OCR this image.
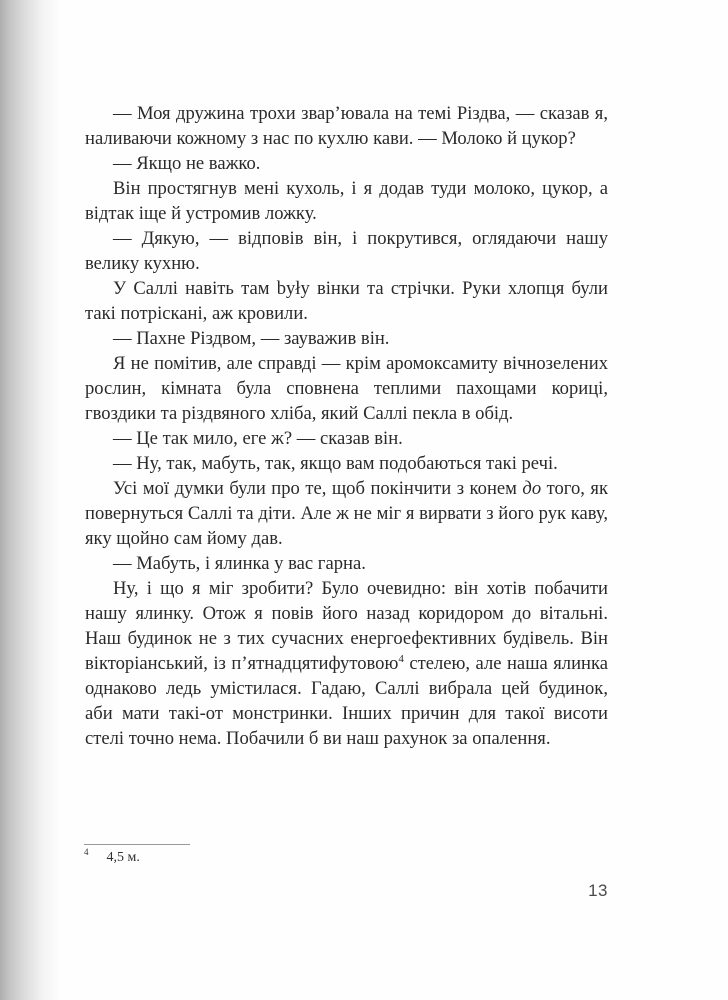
— Моя дружина трохи звар’ювала на темі Різдва, — сказав я, наливаючи кожному з нас по кухлю кави. — Молоко й цукор?

— Якщо не важко.

Він простягнув мені кухоль, і я додав туди молоко, цукор, а відтак іще й устромив ложку.

— Дякую, — відповів він, і покрутився, оглядаючи нашу велику кухню.

У Саллі навіть там były вінки та стрічки. Руки хлопця були такі потріскані, аж кровили.

— Пахне Різдвом, — зауважив він.

Я не помітив, але справді — крім аромоксамиту вічнозелених рослин, кімната була сповнена теплими пахощами кориці, гвоздики та різдвяного хліба, який Саллі пекла в обід.

— Це так мило, еге ж? — сказав він.

— Ну, так, мабуть, так, якщо вам подобаються такі речі.

Усі мої думки були про те, щоб покінчити з конем до того, як повернуться Саллі та діти. Але ж не міг я вирвати з його рук каву, яку щойно сам йому дав.

— Мабуть, і ялинка у вас гарна.

Ну, і що я міг зробити? Було очевидно: він хотів побачити нашу ялинку. Отож я повів його назад коридором до вітальні. Наш будинок не з тих сучасних енергоефективних будівель. Він вікторіанський, із п’ятнадцятифутовою$^4$ стелею, але наша ялинка однаково ледь умістилася. Гадаю, Саллі вибрала цей будинок, аби мати такі-от монстринки. Інших причин для такої висоти стелі точно нема. Побачили б ви наш рахунок за опалення.

$^4$ 4,5 м.
13
